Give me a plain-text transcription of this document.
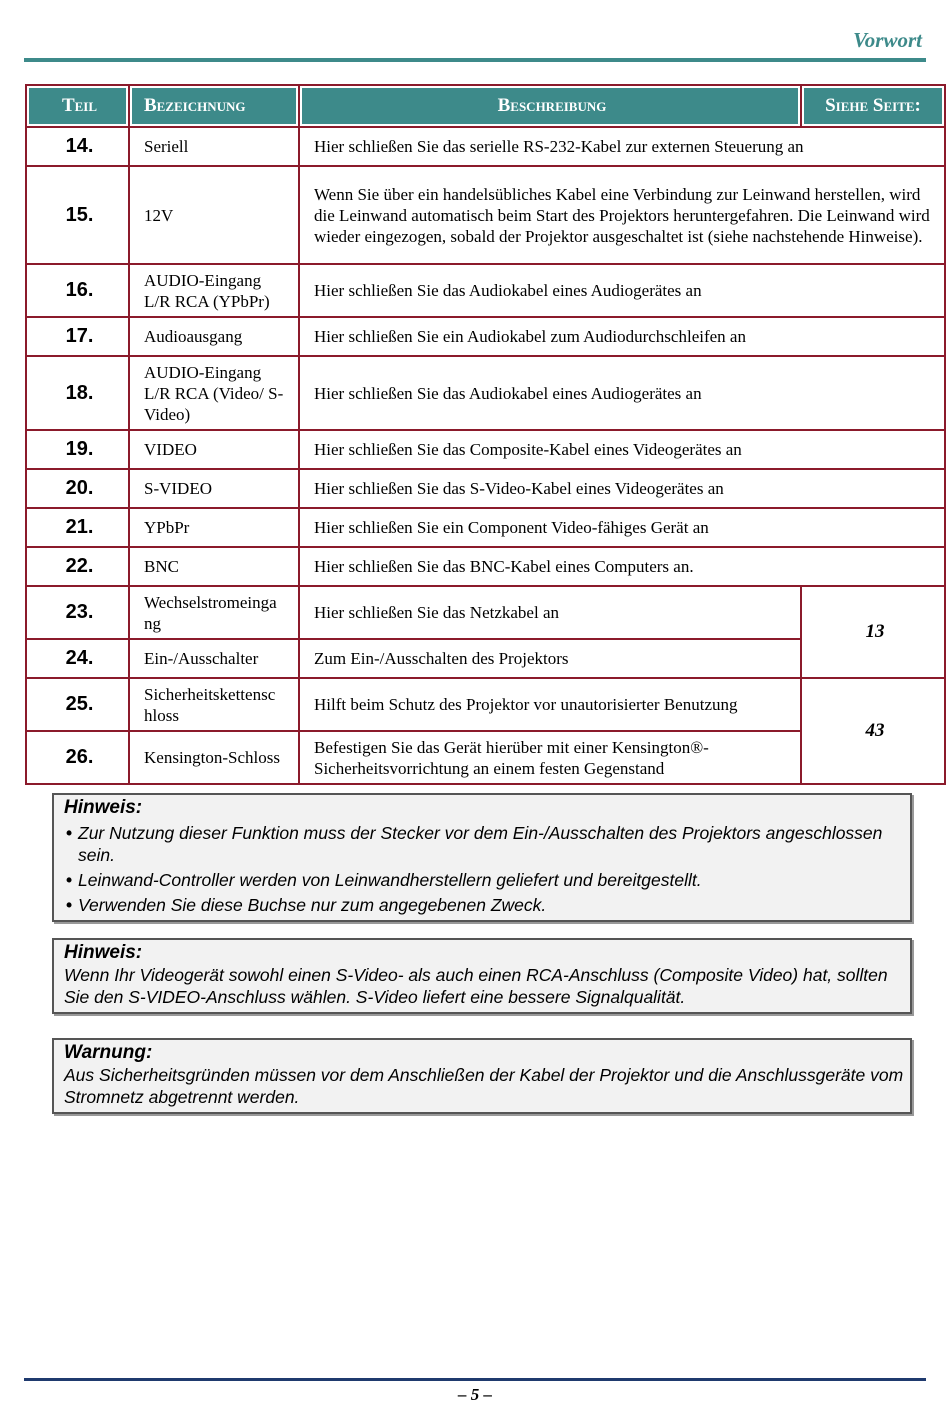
Vorwort
Teil	Bezeichnung	Beschreibung	Siehe Seite:
14.	Seriell	Hier schließen Sie das serielle RS-232-Kabel zur externen Steuerung an	
15.	12V	Wenn Sie über ein handelsübliches Kabel eine Verbindung zur Leinwand herstellen, wird die Leinwand automatisch beim Start des Projektors heruntergefahren. Die Leinwand wird wieder eingezogen, sobald der Projektor ausgeschaltet ist (siehe nachstehende Hinweise).	
16.	AUDIO-Eingang L/R RCA (YPbPr)	Hier schließen Sie das Audiokabel eines Audiogerätes an	
17.	Audioausgang	Hier schließen Sie ein Audiokabel zum Audiodurchschleifen an	
18.	AUDIO-Eingang L/R RCA (Video/ S-Video)	Hier schließen Sie das Audiokabel eines Audiogerätes an	
19.	VIDEO	Hier schließen Sie das Composite-Kabel eines Videogerätes an	
20.	S-VIDEO	Hier schließen Sie das S-Video-Kabel eines Videogerätes an	
21.	YPbPr	Hier schließen Sie ein Component Video-fähiges Gerät an	
22.	BNC	Hier schließen Sie das BNC-Kabel eines Computers an.	
23.	Wechselstromeinga ng	Hier schließen Sie das Netzkabel an	13
24.	Ein-/Ausschalter	Zum Ein-/Ausschalten des Projektors	
25.	Sicherheitskettensc hloss	Hilft beim Schutz des Projektor vor unautorisierter Benutzung	43
26.	Kensington-Schloss	Befestigen Sie das Gerät hierüber mit einer Kensington®-Sicherheitsvorrichtung an einem festen Gegenstand	
Hinweis:
• Zur Nutzung dieser Funktion muss der Stecker vor dem Ein-/Ausschalten des Projektors angeschlossen sein.
• Leinwand-Controller werden von Leinwandherstellern geliefert und bereitgestellt.
• Verwenden Sie diese Buchse nur zum angegebenen Zweck.
Hinweis:
Wenn Ihr Videogerät sowohl einen S-Video- als auch einen RCA-Anschluss (Composite Video) hat, sollten Sie den S-VIDEO-Anschluss wählen. S-Video liefert eine bessere Signalqualität.
Warnung:
Aus Sicherheitsgründen müssen vor dem Anschließen der Kabel der Projektor und die Anschlussgeräte vom Stromnetz abgetrennt werden.
– 5 –
